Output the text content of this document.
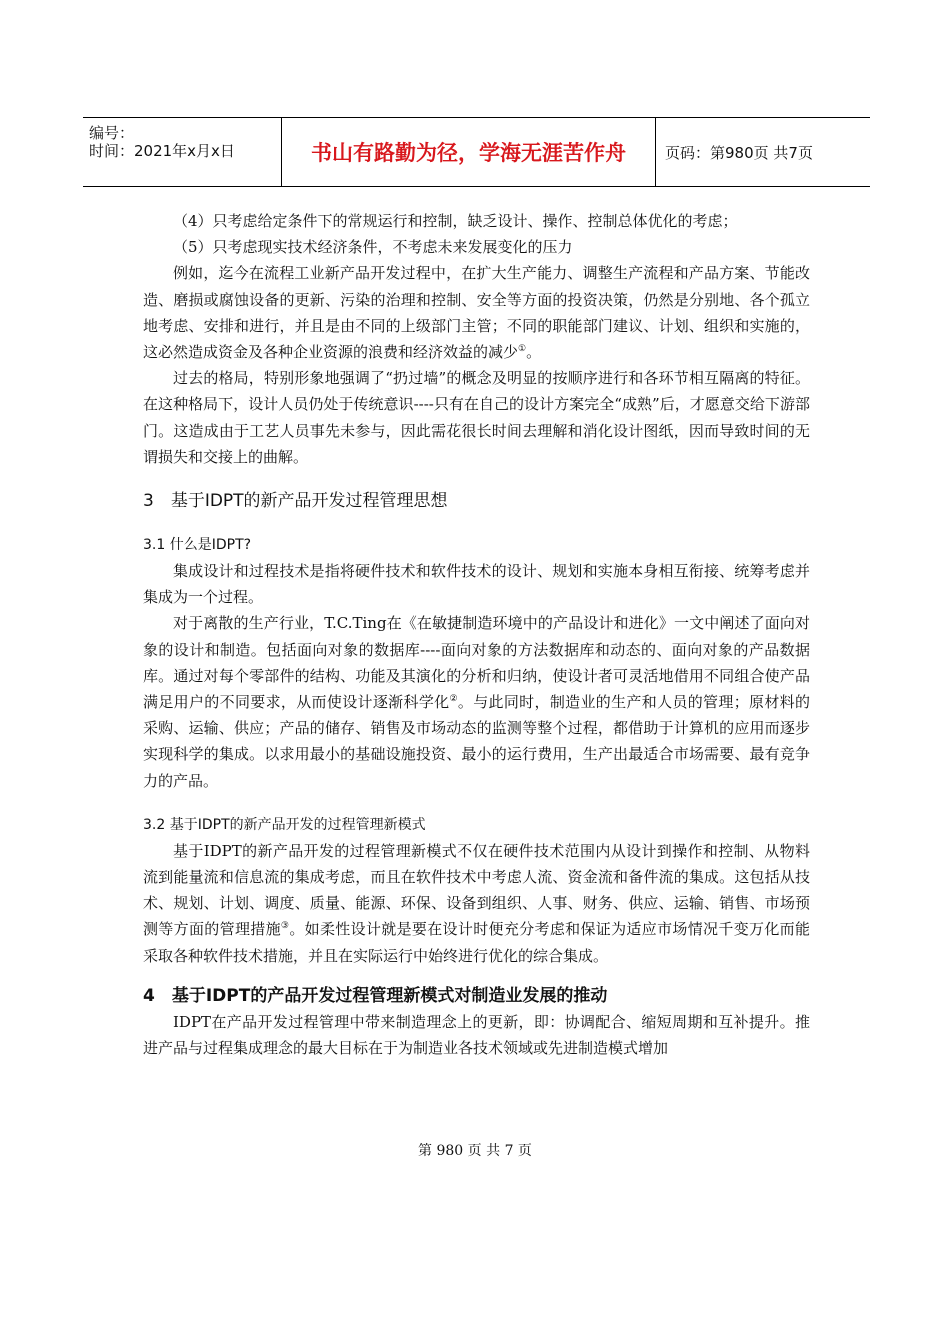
编号：
时间：2021年x月x日	书山有路勤为径，学海无涯苦作舟	页码：第980页 共7页

（4）只考虑给定条件下的常规运行和控制，缺乏设计、操作、控制总体优化的考虑；

（5）只考虑现实技术经济条件，不考虑未来发展变化的压力

例如，迄今在流程工业新产品开发过程中，在扩大生产能力、调整生产流程和产品方案、节能改造、磨损或腐蚀设备的更新、污染的治理和控制、安全等方面的投资决策，仍然是分别地、各个孤立地考虑、安排和进行，并且是由不同的上级部门主管；不同的职能部门建议、计划、组织和实施的，这必然造成资金及各种企业资源的浪费和经济效益的减少①。

过去的格局，特别形象地强调了“扔过墙”的概念及明显的按顺序进行和各环节相互隔离的特征。在这种格局下，设计人员仍处于传统意识----只有在自己的设计方案完全“成熟”后，才愿意交给下游部门。这造成由于工艺人员事先未参与，因此需花很长时间去理解和消化设计图纸，因而导致时间的无谓损失和交接上的曲解。

3　基于IDPT的新产品开发过程管理思想
3.1 什么是IDPT?

集成设计和过程技术是指将硬件技术和软件技术的设计、规划和实施本身相互衔接、统筹考虑并集成为一个过程。

对于离散的生产行业，T.C.Ting在《在敏捷制造环境中的产品设计和进化》一文中阐述了面向对象的设计和制造。包括面向对象的数据库----面向对象的方法数据库和动态的、面向对象的产品数据库。通过对每个零部件的结构、功能及其演化的分析和归纳，使设计者可灵活地借用不同组合使产品满足用户的不同要求，从而使设计逐渐科学化②。与此同时，制造业的生产和人员的管理；原材料的采购、运输、供应；产品的储存、销售及市场动态的监测等整个过程，都借助于计算机的应用而逐步实现科学的集成。以求用最小的基础设施投资、最小的运行费用，生产出最适合市场需要、最有竞争力的产品。

3.2 基于IDPT的新产品开发的过程管理新模式

基于IDPT的新产品开发的过程管理新模式不仅在硬件技术范围内从设计到操作和控制、从物料流到能量流和信息流的集成考虑，而且在软件技术中考虑人流、资金流和备件流的集成。这包括从技术、规划、计划、调度、质量、能源、环保、设备到组织、人事、财务、供应、运输、销售、市场预测等方面的管理措施③。如柔性设计就是要在设计时便充分考虑和保证为适应市场情况千变万化而能采取各种软件技术措施，并且在实际运行中始终进行优化的综合集成。

4　基于IDPT的产品开发过程管理新模式对制造业发展的推动

IDPT在产品开发过程管理中带来制造理念上的更新，即：协调配合、缩短周期和互补提升。推进产品与过程集成理念的最大目标在于为制造业各技术领域或先进制造模式增加

第 980 页 共 7 页
